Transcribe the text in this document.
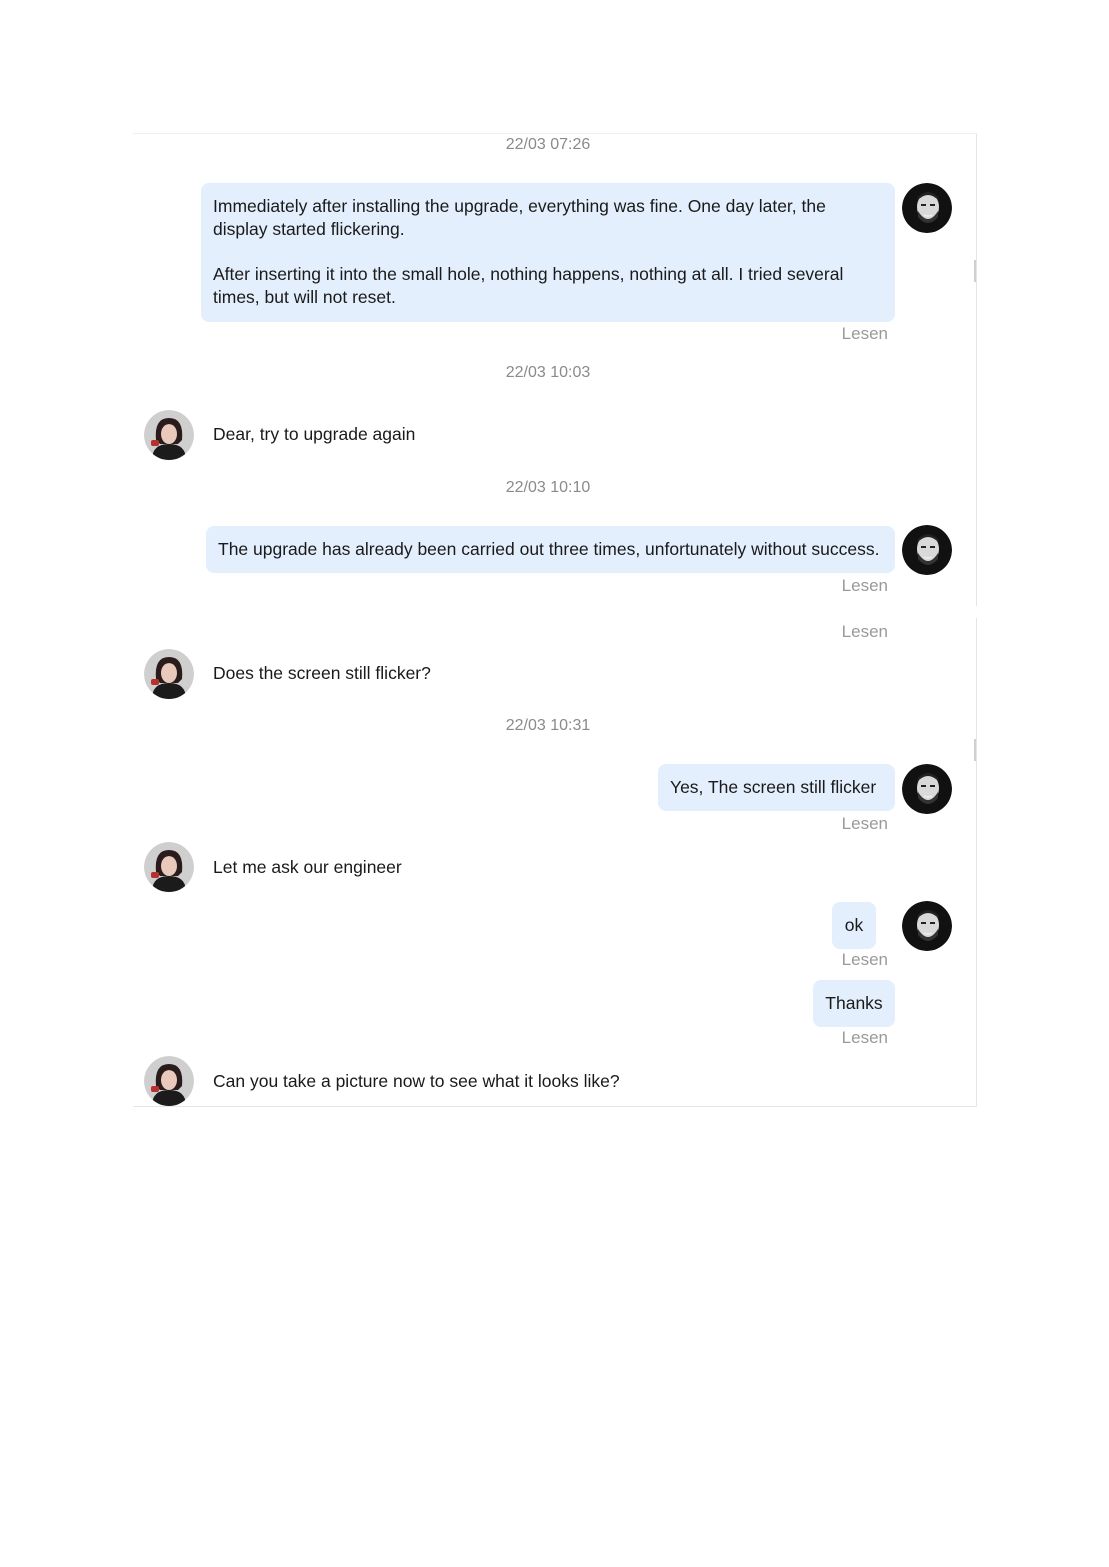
22/03 07:26

Immediately after installing the upgrade, everything was fine. One day later, the display started flickering.

After inserting it into the small hole, nothing happens, nothing at all. I tried several times, but will not reset.

Lesen
22/03 10:03
Dear, try to upgrade again
22/03 10:10
The upgrade has already been carried out three times, unfortunately without success.
Lesen
Lesen
Does the screen still flicker?
22/03 10:31
Yes, The screen still flicker
Lesen
Let me ask our engineer
ok
Lesen
Thanks
Lesen
Can you take a picture now to see what it looks like?
